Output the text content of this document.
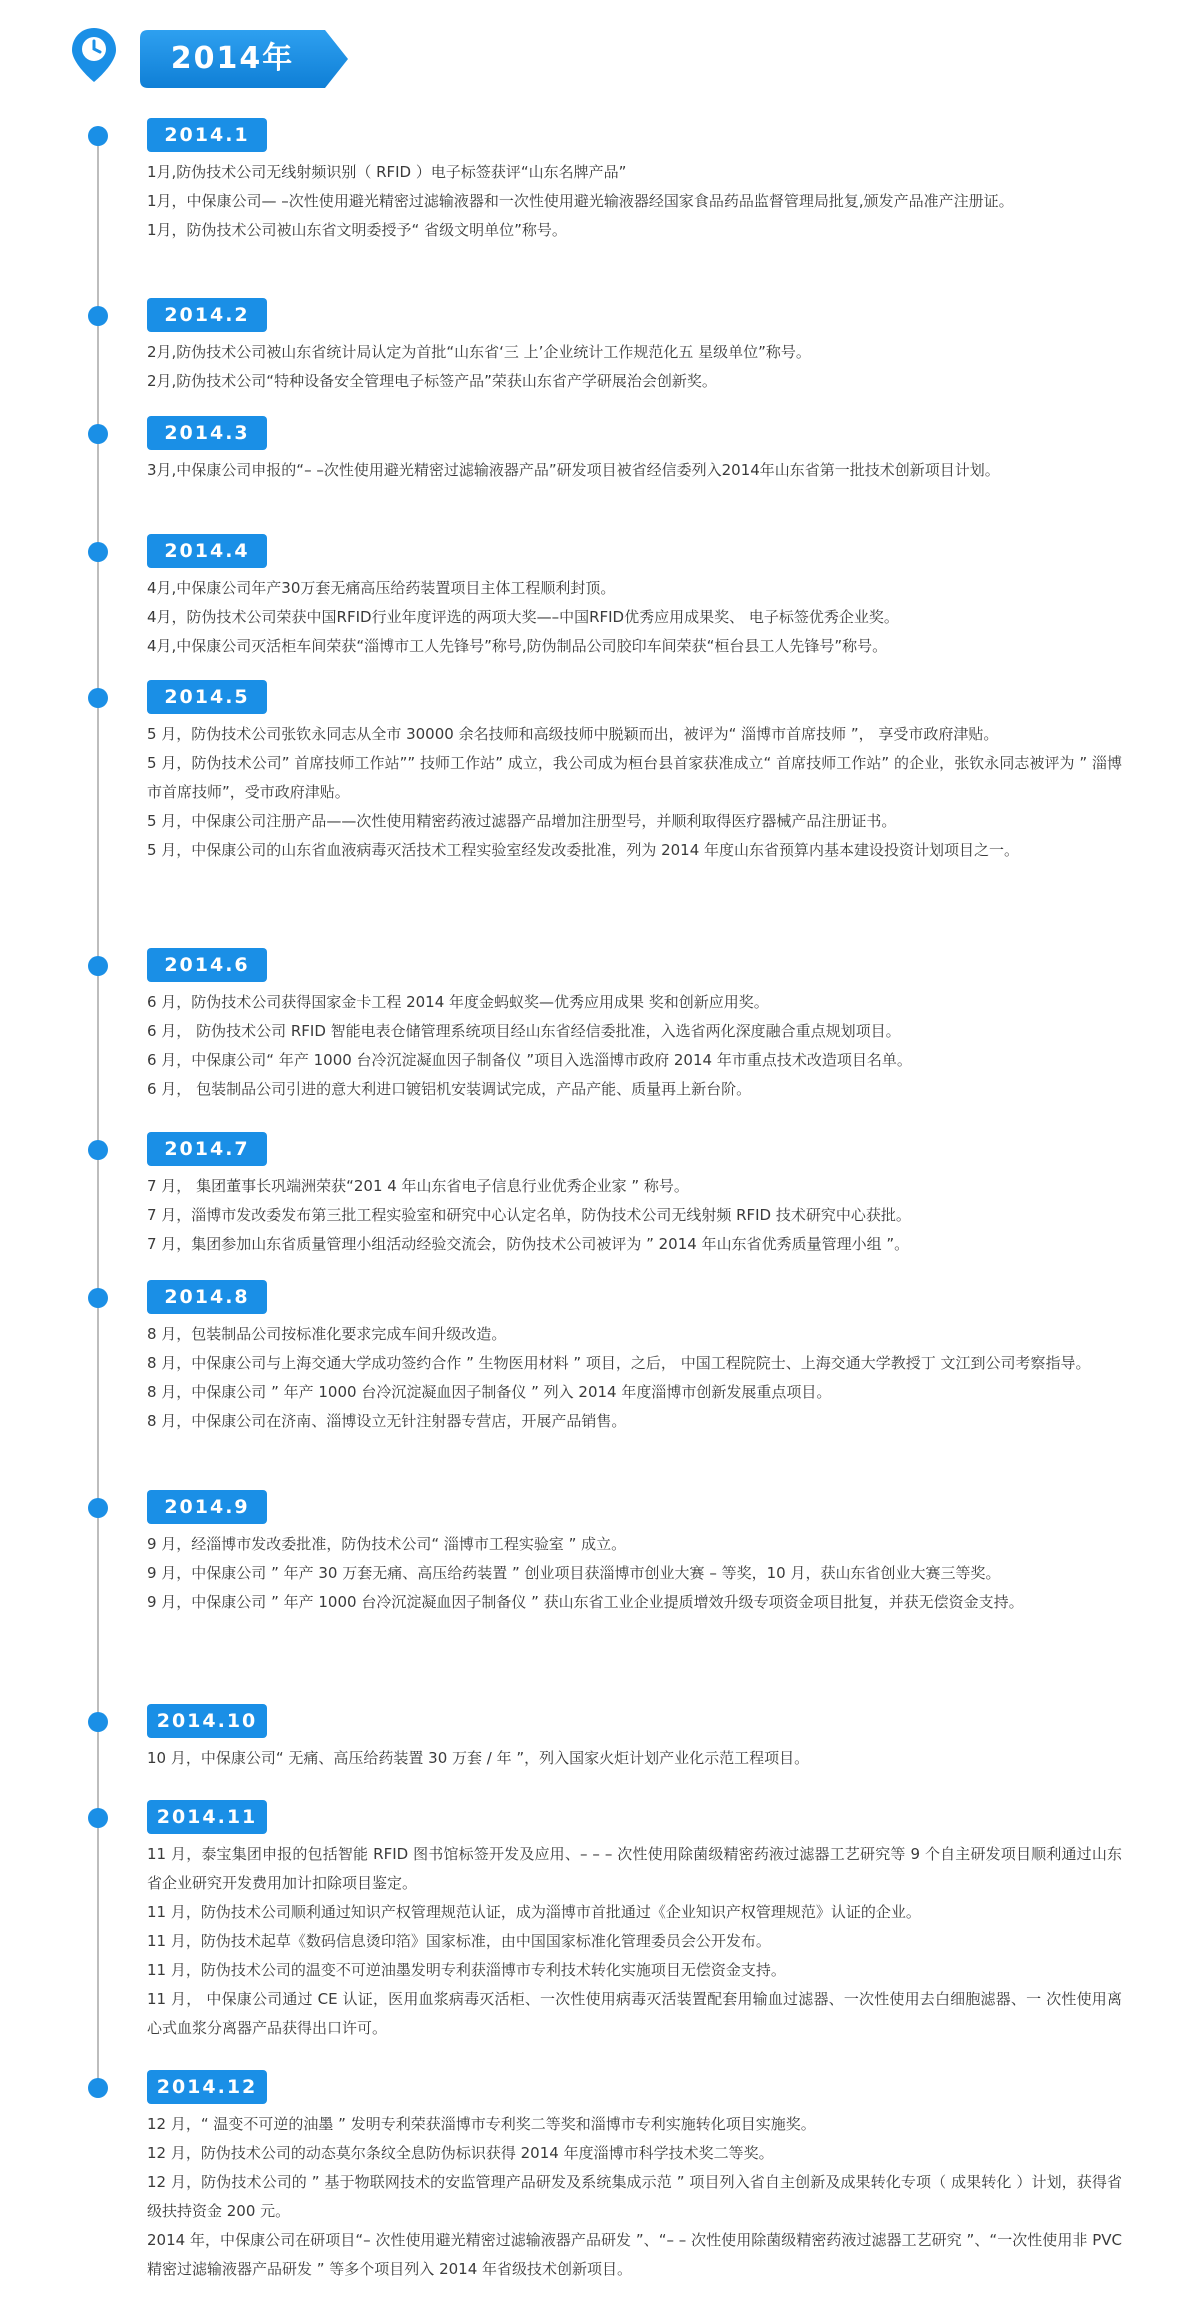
2014年
2014.1

1月,防伪技术公司无线射频识别（ RFID ）电子标签获评“山东名牌产品”

1月，中保康公司— –次性使用避光精密过滤输液器和一次性使用避光输液器经国家食品药品监督管理局批复,颁发产品准产注册证。

1月，防伪技术公司被山东省文明委授予“ 省级文明单位”称号。

2014.2

2月,防伪技术公司被山东省统计局认定为首批“山东省‘三 上’企业统计工作规范化五 星级单位”称号。

2月,防伪技术公司“特种设备安全管理电子标签产品”荣获山东省产学研展治会创新奖。

2014.3

3月,中保康公司申报的“– –次性使用避光精密过滤输液器产品”研发项目被省经信委列入2014年山东省第一批技术创新项目计划。

2014.4

4月,中保康公司年产30万套无痛高压给药装置项目主体工程顺利封顶。

4月，防伪技术公司荣获中国RFID行业年度评选的两项大奖—–中国RFID优秀应用成果奖、 电子标签优秀企业奖。

4月,中保康公司灭活柜车间荣获“淄博市工人先锋号”称号,防伪制品公司胶印车间荣获“桓台县工人先锋号”称号。

2014.5

5 月，防伪技术公司张钦永同志从全市 30000 余名技师和高级技师中脱颖而出，被评为“ 淄博市首席技师 ”， 享受市政府津贴。

5 月，防伪技术公司” 首席技师工作站”” 技师工作站” 成立，我公司成为桓台县首家获准成立“ 首席技师工作站” 的企业，张钦永同志被评为 ” 淄博市首席技师”，受市政府津贴。

5 月，中保康公司注册产品——次性使用精密药液过滤器产品增加注册型号，并顺利取得医疗器械产品注册证书。

5 月，中保康公司的山东省血液病毒灭活技术工程实验室经发改委批准，列为 2014 年度山东省预算内基本建设投资计划项目之一。

2014.6

6 月，防伪技术公司获得国家金卡工程 2014 年度金蚂蚁奖—优秀应用成果 奖和创新应用奖。

6 月， 防伪技术公司 RFID 智能电表仓储管理系统项目经山东省经信委批准，入选省两化深度融合重点规划项目。

6 月，中保康公司“ 年产 1000 台冷沉淀凝血因子制备仪 ”项目入选淄博市政府 2014 年市重点技术改造项目名单。

6 月， 包装制品公司引进的意大利进口镀铝机安装调试完成，产品产能、质量再上新台阶。

2014.7

7 月， 集团董事长巩端洲荣获“201 4 年山东省电子信息行业优秀企业家 ” 称号。

7 月，淄博市发改委发布第三批工程实验室和研究中心认定名单，防伪技术公司无线射频 RFID 技术研究中心获批。

7 月，集团参加山东省质量管理小组活动经验交流会，防伪技术公司被评为 ” 2014 年山东省优秀质量管理小组 ”。

2014.8

8 月，包装制品公司按标准化要求完成车间升级改造。

8 月，中保康公司与上海交通大学成功签约合作 ” 生物医用材料 ” 项目，之后， 中国工程院院士、上海交通大学教授丁 文江到公司考察指导。

8 月，中保康公司 ” 年产 1000 台冷沉淀凝血因子制备仪 ” 列入 2014 年度淄博市创新发展重点项目。

8 月，中保康公司在济南、淄博设立无针注射器专营店，开展产品销售。

2014.9

9 月，经淄博市发改委批准，防伪技术公司“ 淄博市工程实验室 ” 成立。

9 月，中保康公司 ” 年产 30 万套无痛、高压给药装置 ” 创业项目获淄博市创业大赛 – 等奖，10 月，获山东省创业大赛三等奖。

9 月，中保康公司 ” 年产 1000 台冷沉淀凝血因子制备仪 ” 获山东省工业企业提质增效升级专项资金项目批复，并获无偿资金支持。

2014.10

10 月，中保康公司“ 无痛、高压给药装置 30 万套 / 年 ”，列入国家火炬计划产业化示范工程项目。

2014.11

11 月，泰宝集团申报的包括智能 RFID 图书馆标签开发及应用、– – – 次性使用除菌级精密药液过滤器工艺研究等 9 个自主研发项目顺利通过山东省企业研究开发费用加计扣除项目鉴定。

11 月，防伪技术公司顺利通过知识产权管理规范认证，成为淄博市首批通过《企业知识产权管理规范》认证的企业。

11 月，防伪技术起草《数码信息烫印箔》国家标准，由中国国家标准化管理委员会公开发布。

11 月，防伪技术公司的温变不可逆油墨发明专利获淄博市专利技术转化实施项目无偿资金支持。

11 月， 中保康公司通过 CE 认证，医用血浆病毒灭活柜、一次性使用病毒灭活装置配套用输血过滤器、一次性使用去白细胞滤器、一 次性使用离心式血浆分离器产品获得出口许可。

2014.12

12 月，“ 温变不可逆的油墨 ” 发明专利荣获淄博市专利奖二等奖和淄博市专利实施转化项目实施奖。

12 月，防伪技术公司的动态莫尔条纹全息防伪标识获得 2014 年度淄博市科学技术奖二等奖。

12 月，防伪技术公司的 ” 基于物联网技术的安监管理产品研发及系统集成示范 ” 项目列入省自主创新及成果转化专项（ 成果转化 ）计划，获得省级扶持资金 200 元。

2014 年，中保康公司在研项目“– 次性使用避光精密过滤输液器产品研发 ”、“– – 次性使用除菌级精密药液过滤器工艺研究 ”、“一次性使用非 PVC 精密过滤输液器产品研发 ” 等多个项目列入 2014 年省级技术创新项目。
